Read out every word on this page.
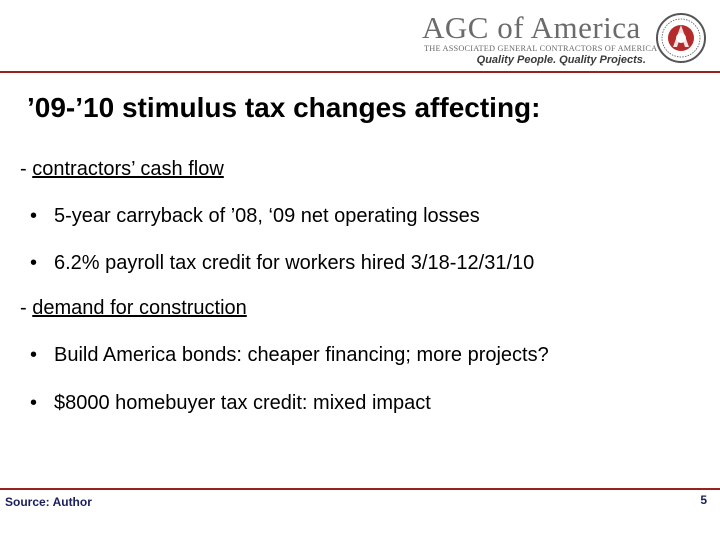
AGC of America
THE ASSOCIATED GENERAL CONTRACTORS OF AMERICA
Quality People. Quality Projects.
’09-’10 stimulus tax changes affecting:
- contractors’ cash flow
• 5-year carryback of ’08, ‘09 net operating losses
• 6.2% payroll tax credit for workers hired 3/18-12/31/10
- demand for construction
• Build America bonds: cheaper financing; more projects?
• $8000 homebuyer tax credit: mixed impact
Source: Author	5
